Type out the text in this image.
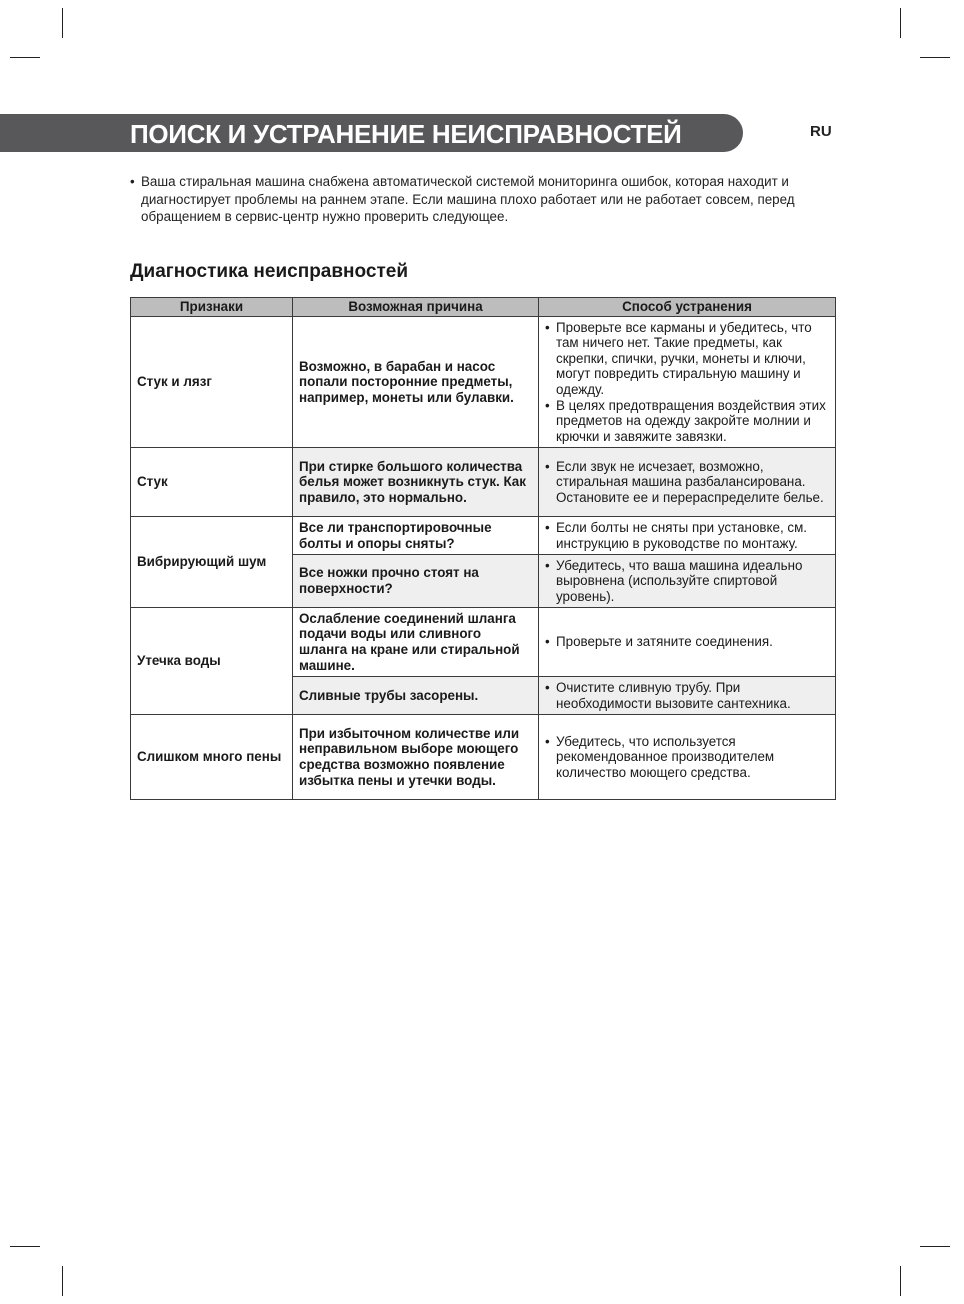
ПОИСК И УСТРАНЕНИЕ НЕИСПРАВНОСТЕЙ	RU
• Ваша стиральная машина снабжена автоматической системой мониторинга ошибок, которая находит и диагностирует проблемы на раннем этапе. Если машина плохо работает или не работает совсем, перед обращением в сервис-центр нужно проверить следующее.
Диагностика неисправностей
Признаки	Возможная причина	Способ устранения
Стук и лязг	Возможно, в барабан и насос попали посторонние предметы, например, монеты или булавки.	• Проверьте все карманы и убедитесь, что там ничего нет. Такие предметы, как скрепки, спички, ручки, монеты и ключи, могут повредить стиральную машину и одежду.
• В целях предотвращения воздействия этих предметов на одежду закройте молнии и крючки и завяжите завязки.

Стук	При стирке большого количества белья может возникнуть стук. Как правило, это нормально.	• Если звук не исчезает, возможно, стиральная машина разбалансирована. Остановите ее и перераспределите белье.

Вибрирующий шум	Все ли транспортировочные болты и опоры сняты?	• Если болты не сняты при установке, см. инструкцию в руководстве по монтажу.

	Все ножки прочно стоят на поверхности?	• Убедитесь, что ваша машина идеально выровнена (используйте спиртовой уровень).

Утечка воды	Ослабление соединений шланга подачи воды или сливного шланга на кране или стиральной машине.	• Проверьте и затяните соединения.

	Сливные трубы засорены.	• Очистите сливную трубу. При необходимости вызовите сантехника.

Слишком много пены	При избыточном количестве или неправильном выборе моющего средства возможно появление избытка пены и утечки воды.	• Убедитесь, что используется рекомендованное производителем количество моющего средства.
